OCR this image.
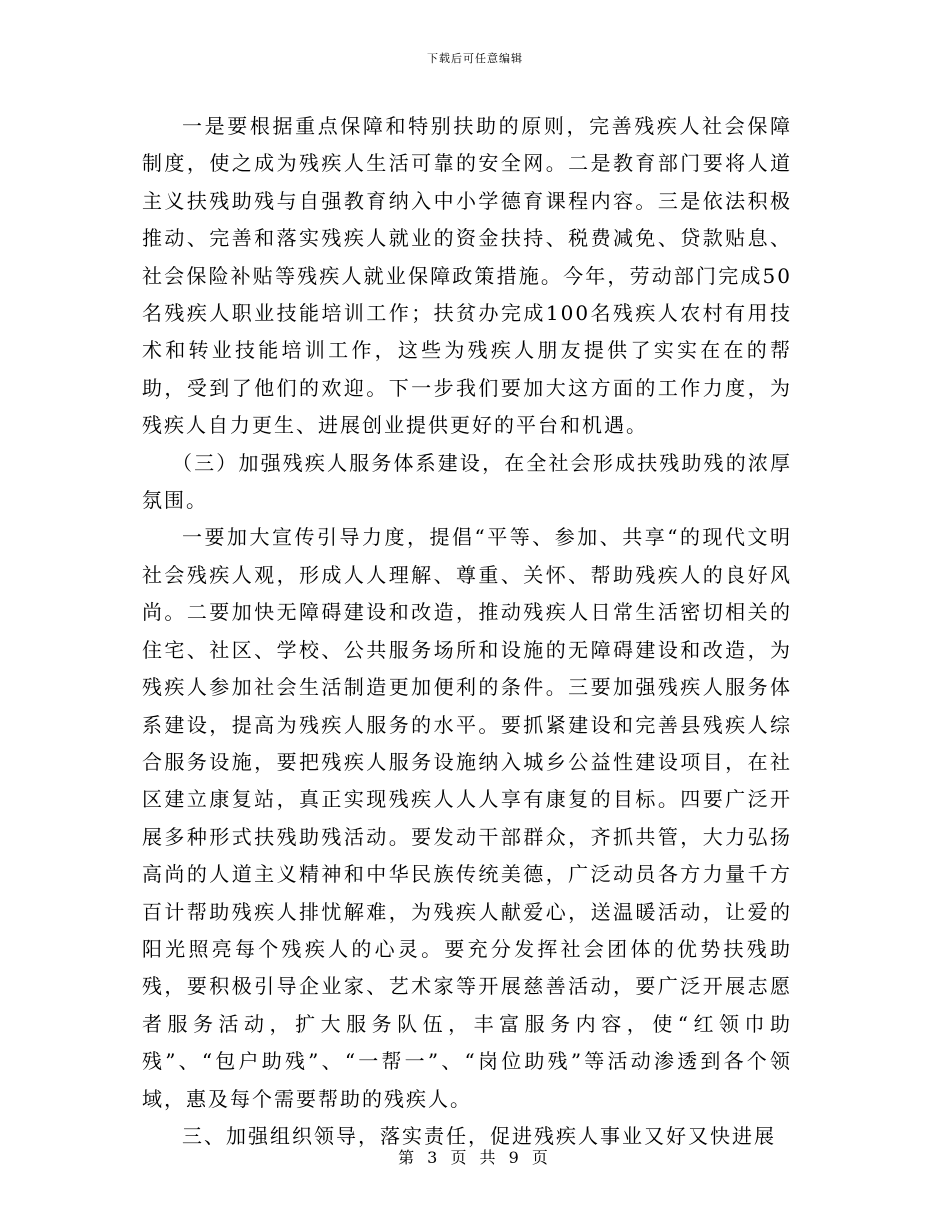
下载后可任意编辑

一是要根据重点保障和特别扶助的原则，完善残疾人社会保障制度，使之成为残疾人生活可靠的安全网。二是教育部门要将人道主义扶残助残与自强教育纳入中小学德育课程内容。三是依法积极推动、完善和落实残疾人就业的资金扶持、税费减免、贷款贴息、社会保险补贴等残疾人就业保障政策措施。今年，劳动部门完成50名残疾人职业技能培训工作；扶贫办完成100名残疾人农村有用技术和转业技能培训工作，这些为残疾人朋友提供了实实在在的帮助，受到了他们的欢迎。下一步我们要加大这方面的工作力度，为残疾人自力更生、进展创业提供更好的平台和机遇。

（三）加强残疾人服务体系建设，在全社会形成扶残助残的浓厚氛围。

一要加大宣传引导力度，提倡“平等、参加、共享“的现代文明社会残疾人观，形成人人理解、尊重、关怀、帮助残疾人的良好风尚。二要加快无障碍建设和改造，推动残疾人日常生活密切相关的住宅、社区、学校、公共服务场所和设施的无障碍建设和改造，为残疾人参加社会生活制造更加便利的条件。三要加强残疾人服务体系建设，提高为残疾人服务的水平。要抓紧建设和完善县残疾人综合服务设施，要把残疾人服务设施纳入城乡公益性建设项目，在社区建立康复站，真正实现残疾人人人享有康复的目标。四要广泛开展多种形式扶残助残活动。要发动干部群众，齐抓共管，大力弘扬高尚的人道主义精神和中华民族传统美德，广泛动员各方力量千方百计帮助残疾人排忧解难，为残疾人献爱心，送温暖活动，让爱的阳光照亮每个残疾人的心灵。要充分发挥社会团体的优势扶残助残，要积极引导企业家、艺术家等开展慈善活动，要广泛开展志愿者服务活动，扩大服务队伍，丰富服务内容，使“红领巾助残”、“包户助残”、“一帮一”、“岗位助残”等活动渗透到各个领域，惠及每个需要帮助的残疾人。

三、加强组织领导，落实责任，促进残疾人事业又好又快进展

第 3 页 共 9 页
